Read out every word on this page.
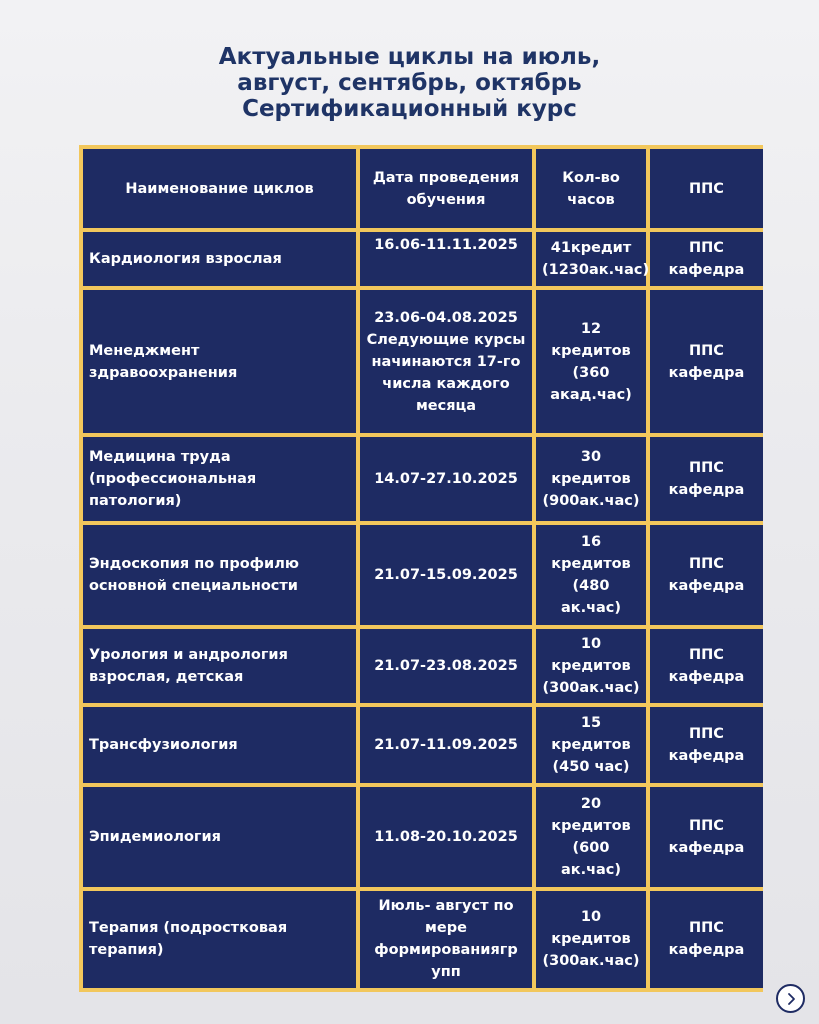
Актуальные циклы на июль,
август, сентябрь, октябрь
Сертификационный курс
Наименование циклов	Дата проведения обучения	Кол-во часов	ППС
Кардиология взрослая	16.06-11.11.2025	41кредит (1230ак.час)	ППС кафедра
Менеджмент здравоохранения	23.06-04.08.2025 Следующие курсы начинаются 17-го числа каждого месяца	12 кредитов (360 акад.час)	ППС кафедра
Медицина труда (профессиональная патология)	14.07-27.10.2025	30 кредитов (900ак.час)	ППС кафедра
Эндоскопия по профилю основной специальности	21.07-15.09.2025	16 кредитов (480 ак.час)	ППС кафедра
Урология и андрология взрослая, детская	21.07-23.08.2025	10 кредитов (300ак.час)	ППС кафедра
Трансфузиология	21.07-11.09.2025	15 кредитов (450 час)	ППС кафедра
Эпидемиология	11.08-20.10.2025	20 кредитов (600 ак.час)	ППС кафедра
Терапия (подростковая терапия)	Июль- август по мере формированиягр упп	10 кредитов (300ак.час)	ППС кафедра
